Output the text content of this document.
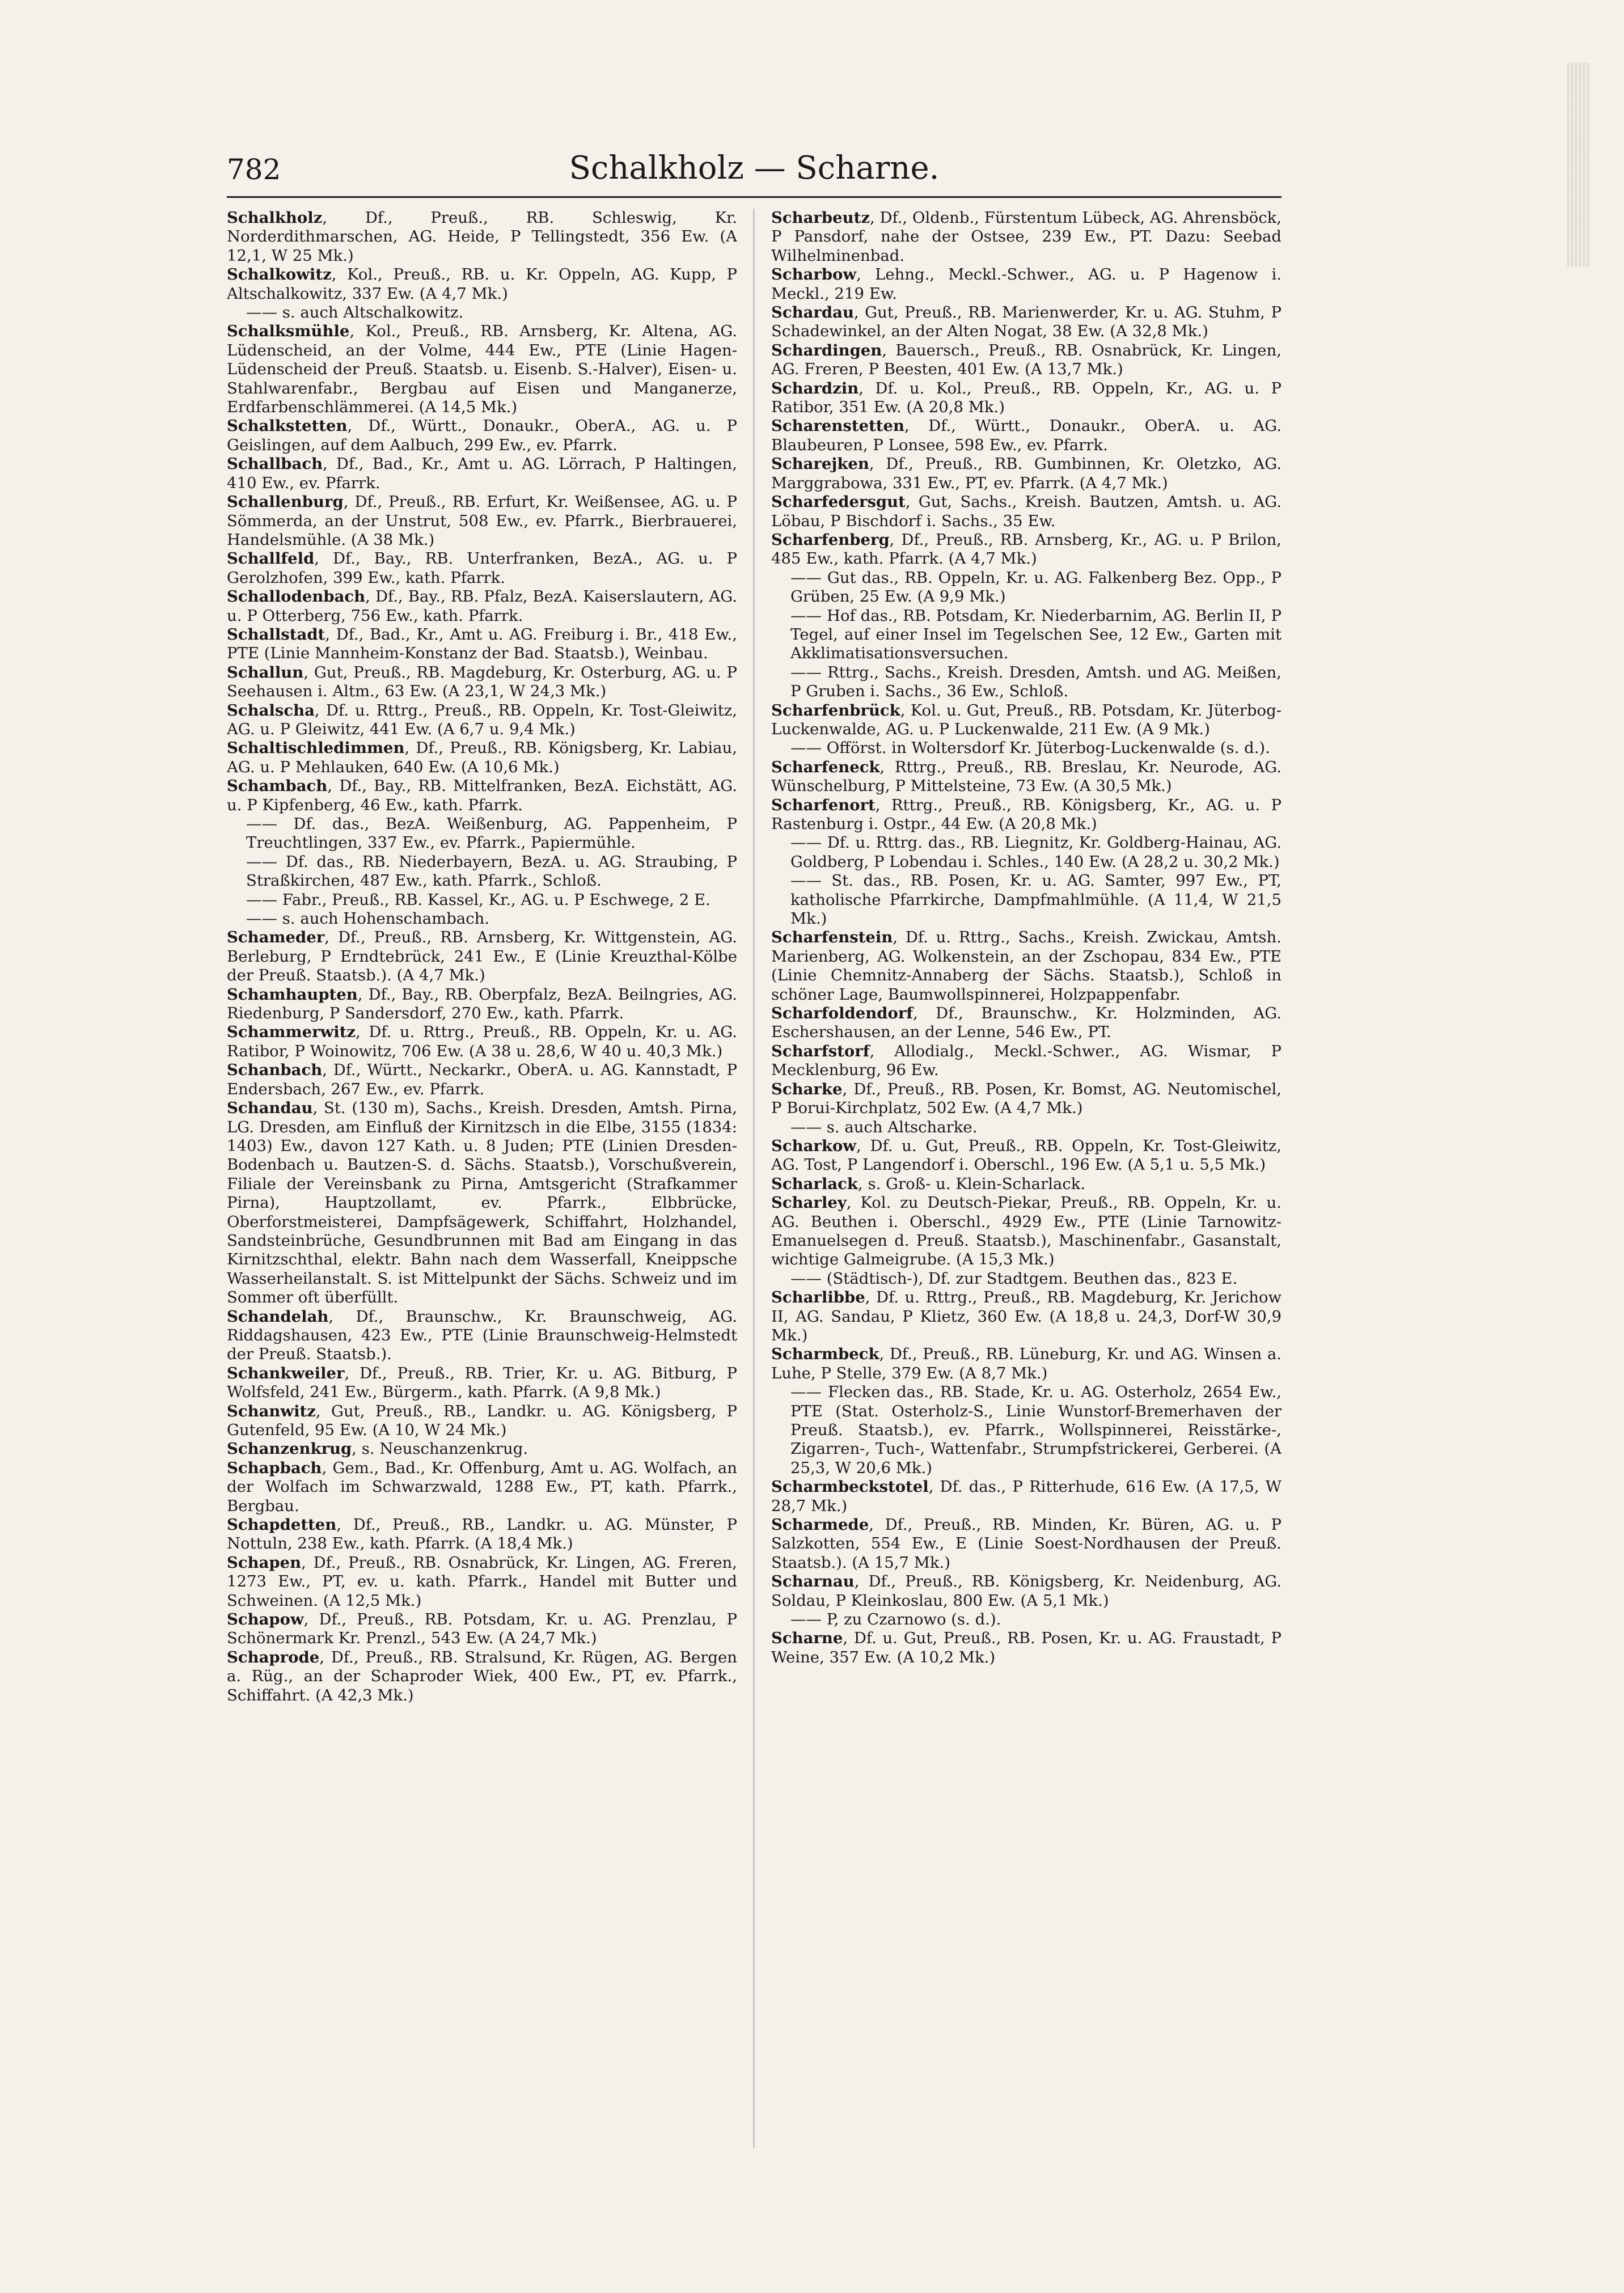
782	Schalkholz — Scharne.

Schalkholz, Df., Preuß., RB. Schleswig, Kr. Norderdithmarschen, AG. Heide, P Tellingstedt, 356 Ew. (A 12,1, W 25 Mk.)

Schalkowitz, Kol., Preuß., RB. u. Kr. Oppeln, AG. Kupp, P Altschalkowitz, 337 Ew. (A 4,7 Mk.)

—— s. auch Altschalkowitz.

Schalksmühle, Kol., Preuß., RB. Arnsberg, Kr. Altena, AG. Lüdenscheid, an der Volme, 444 Ew., PTE (Linie Hagen-Lüdenscheid der Preuß. Staatsb. u. Eisenb. S.-Halver), Eisen- u. Stahlwarenfabr., Bergbau auf Eisen und Manganerze, Erdfarbenschlämmerei. (A 14,5 Mk.)

Schalkstetten, Df., Württ., Donaukr., OberA., AG. u. P Geislingen, auf dem Aalbuch, 299 Ew., ev. Pfarrk.

Schallbach, Df., Bad., Kr., Amt u. AG. Lörrach, P Haltingen, 410 Ew., ev. Pfarrk.

Schallenburg, Df., Preuß., RB. Erfurt, Kr. Weißensee, AG. u. P Sömmerda, an der Unstrut, 508 Ew., ev. Pfarrk., Bierbrauerei, Handelsmühle. (A 38 Mk.)

Schallfeld, Df., Bay., RB. Unterfranken, BezA., AG. u. P Gerolzhofen, 399 Ew., kath. Pfarrk.

Schallodenbach, Df., Bay., RB. Pfalz, BezA. Kaiserslautern, AG. u. P Otterberg, 756 Ew., kath. Pfarrk.

Schallstadt, Df., Bad., Kr., Amt u. AG. Freiburg i. Br., 418 Ew., PTE (Linie Mannheim-Konstanz der Bad. Staatsb.), Weinbau.

Schallun, Gut, Preuß., RB. Magdeburg, Kr. Osterburg, AG. u. P Seehausen i. Altm., 63 Ew. (A 23,1, W 24,3 Mk.)

Schalscha, Df. u. Rttrg., Preuß., RB. Oppeln, Kr. Tost-Gleiwitz, AG. u. P Gleiwitz, 441 Ew. (A 6,7 u. 9,4 Mk.)

Schaltischledimmen, Df., Preuß., RB. Königsberg, Kr. Labiau, AG. u. P Mehlauken, 640 Ew. (A 10,6 Mk.)

Schambach, Df., Bay., RB. Mittelfranken, BezA. Eichstätt, AG. u. P Kipfenberg, 46 Ew., kath. Pfarrk.

—— Df. das., BezA. Weißenburg, AG. Pappenheim, P Treuchtlingen, 337 Ew., ev. Pfarrk., Papiermühle.

—— Df. das., RB. Niederbayern, BezA. u. AG. Straubing, P Straßkirchen, 487 Ew., kath. Pfarrk., Schloß.

—— Fabr., Preuß., RB. Kassel, Kr., AG. u. P Eschwege, 2 E.

—— s. auch Hohenschambach.

Schameder, Df., Preuß., RB. Arnsberg, Kr. Wittgenstein, AG. Berleburg, P Erndtebrück, 241 Ew., E (Linie Kreuzthal-Kölbe der Preuß. Staatsb.). (A 4,7 Mk.)

Schamhaupten, Df., Bay., RB. Oberpfalz, BezA. Beilngries, AG. Riedenburg, P Sandersdorf, 270 Ew., kath. Pfarrk.

Schammerwitz, Df. u. Rttrg., Preuß., RB. Oppeln, Kr. u. AG. Ratibor, P Woinowitz, 706 Ew. (A 38 u. 28,6, W 40 u. 40,3 Mk.)

Schanbach, Df., Württ., Neckarkr., OberA. u. AG. Kannstadt, P Endersbach, 267 Ew., ev. Pfarrk.

Schandau, St. (130 m), Sachs., Kreish. Dresden, Amtsh. Pirna, LG. Dresden, am Einfluß der Kirnitzsch in die Elbe, 3155 (1834: 1403) Ew., davon 127 Kath. u. 8 Juden; PTE (Linien Dresden-Bodenbach u. Bautzen-S. d. Sächs. Staatsb.), Vorschußverein, Filiale der Vereinsbank zu Pirna, Amtsgericht (Strafkammer Pirna), Hauptzollamt, ev. Pfarrk., Elbbrücke, Oberforstmeisterei, Dampfsägewerk, Schiffahrt, Holzhandel, Sandsteinbrüche, Gesundbrunnen mit Bad am Eingang in das Kirnitzschthal, elektr. Bahn nach dem Wasserfall, Kneippsche Wasserheilanstalt. S. ist Mittelpunkt der Sächs. Schweiz und im Sommer oft überfüllt.

Schandelah, Df., Braunschw., Kr. Braunschweig, AG. Riddagshausen, 423 Ew., PTE (Linie Braunschweig-Helmstedt der Preuß. Staatsb.).

Schankweiler, Df., Preuß., RB. Trier, Kr. u. AG. Bitburg, P Wolfsfeld, 241 Ew., Bürgerm., kath. Pfarrk. (A 9,8 Mk.)

Schanwitz, Gut, Preuß., RB., Landkr. u. AG. Königsberg, P Gutenfeld, 95 Ew. (A 10, W 24 Mk.)

Schanzenkrug, s. Neuschanzenkrug.

Schapbach, Gem., Bad., Kr. Offenburg, Amt u. AG. Wolfach, an der Wolfach im Schwarzwald, 1288 Ew., PT, kath. Pfarrk., Bergbau.

Schapdetten, Df., Preuß., RB., Landkr. u. AG. Münster, P Nottuln, 238 Ew., kath. Pfarrk. (A 18,4 Mk.)

Schapen, Df., Preuß., RB. Osnabrück, Kr. Lingen, AG. Freren, 1273 Ew., PT, ev. u. kath. Pfarrk., Handel mit Butter und Schweinen. (A 12,5 Mk.)

Schapow, Df., Preuß., RB. Potsdam, Kr. u. AG. Prenzlau, P Schönermark Kr. Prenzl., 543 Ew. (A 24,7 Mk.)

Schaprode, Df., Preuß., RB. Stralsund, Kr. Rügen, AG. Bergen a. Rüg., an der Schaproder Wiek, 400 Ew., PT, ev. Pfarrk., Schiffahrt. (A 42,3 Mk.)

Scharbeutz, Df., Oldenb., Fürstentum Lübeck, AG. Ahrensböck, P Pansdorf, nahe der Ostsee, 239 Ew., PT. Dazu: Seebad Wilhelminenbad.

Scharbow, Lehng., Meckl.-Schwer., AG. u. P Hagenow i. Meckl., 219 Ew.

Schardau, Gut, Preuß., RB. Marienwerder, Kr. u. AG. Stuhm, P Schadewinkel, an der Alten Nogat, 38 Ew. (A 32,8 Mk.)

Schardingen, Bauersch., Preuß., RB. Osnabrück, Kr. Lingen, AG. Freren, P Beesten, 401 Ew. (A 13,7 Mk.)

Schardzin, Df. u. Kol., Preuß., RB. Oppeln, Kr., AG. u. P Ratibor, 351 Ew. (A 20,8 Mk.)

Scharenstetten, Df., Württ., Donaukr., OberA. u. AG. Blaubeuren, P Lonsee, 598 Ew., ev. Pfarrk.

Scharejken, Df., Preuß., RB. Gumbinnen, Kr. Oletzko, AG. Marggrabowa, 331 Ew., PT, ev. Pfarrk. (A 4,7 Mk.)

Scharfedersgut, Gut, Sachs., Kreish. Bautzen, Amtsh. u. AG. Löbau, P Bischdorf i. Sachs., 35 Ew.

Scharfenberg, Df., Preuß., RB. Arnsberg, Kr., AG. u. P Brilon, 485 Ew., kath. Pfarrk. (A 4,7 Mk.)

—— Gut das., RB. Oppeln, Kr. u. AG. Falkenberg Bez. Opp., P Grüben, 25 Ew. (A 9,9 Mk.)

—— Hof das., RB. Potsdam, Kr. Niederbarnim, AG. Berlin II, P Tegel, auf einer Insel im Tegelschen See, 12 Ew., Garten mit Akklimatisationsversuchen.

—— Rttrg., Sachs., Kreish. Dresden, Amtsh. und AG. Meißen, P Gruben i. Sachs., 36 Ew., Schloß.

Scharfenbrück, Kol. u. Gut, Preuß., RB. Potsdam, Kr. Jüterbog-Luckenwalde, AG. u. P Luckenwalde, 211 Ew. (A 9 Mk.)

—— Offörst. in Woltersdorf Kr. Jüterbog-Luckenwalde (s. d.).

Scharfeneck, Rttrg., Preuß., RB. Breslau, Kr. Neurode, AG. Wünschelburg, P Mittelsteine, 73 Ew. (A 30,5 Mk.)

Scharfenort, Rttrg., Preuß., RB. Königsberg, Kr., AG. u. P Rastenburg i. Ostpr., 44 Ew. (A 20,8 Mk.)

—— Df. u. Rttrg. das., RB. Liegnitz, Kr. Goldberg-Hainau, AG. Goldberg, P Lobendau i. Schles., 140 Ew. (A 28,2 u. 30,2 Mk.)

—— St. das., RB. Posen, Kr. u. AG. Samter, 997 Ew., PT, katholische Pfarrkirche, Dampfmahlmühle. (A 11,4, W 21,5 Mk.)

Scharfenstein, Df. u. Rttrg., Sachs., Kreish. Zwickau, Amtsh. Marienberg, AG. Wolkenstein, an der Zschopau, 834 Ew., PTE (Linie Chemnitz-Annaberg der Sächs. Staatsb.), Schloß in schöner Lage, Baumwollspinnerei, Holzpappenfabr.

Scharfoldendorf, Df., Braunschw., Kr. Holzminden, AG. Eschershausen, an der Lenne, 546 Ew., PT.

Scharfstorf, Allodialg., Meckl.-Schwer., AG. Wismar, P Mecklenburg, 96 Ew.

Scharke, Df., Preuß., RB. Posen, Kr. Bomst, AG. Neutomischel, P Borui-Kirchplatz, 502 Ew. (A 4,7 Mk.)

—— s. auch Altscharke.

Scharkow, Df. u. Gut, Preuß., RB. Oppeln, Kr. Tost-Gleiwitz, AG. Tost, P Langendorf i. Oberschl., 196 Ew. (A 5,1 u. 5,5 Mk.)

Scharlack, s. Groß- u. Klein-Scharlack.

Scharley, Kol. zu Deutsch-Piekar, Preuß., RB. Oppeln, Kr. u. AG. Beuthen i. Oberschl., 4929 Ew., PTE (Linie Tarnowitz-Emanuelsegen d. Preuß. Staatsb.), Maschinenfabr., Gasanstalt, wichtige Galmeigrube. (A 15,3 Mk.)

—— (Städtisch-), Df. zur Stadtgem. Beuthen das., 823 E.

Scharlibbe, Df. u. Rttrg., Preuß., RB. Magdeburg, Kr. Jerichow II, AG. Sandau, P Klietz, 360 Ew. (A 18,8 u. 24,3, Dorf-W 30,9 Mk.)

Scharmbeck, Df., Preuß., RB. Lüneburg, Kr. und AG. Winsen a. Luhe, P Stelle, 379 Ew. (A 8,7 Mk.)

—— Flecken das., RB. Stade, Kr. u. AG. Osterholz, 2654 Ew., PTE (Stat. Osterholz-S., Linie Wunstorf-Bremerhaven der Preuß. Staatsb.), ev. Pfarrk., Wollspinnerei, Reisstärke-, Zigarren-, Tuch-, Wattenfabr., Strumpfstrickerei, Gerberei. (A 25,3, W 20,6 Mk.)

Scharmbeckstotel, Df. das., P Ritterhude, 616 Ew. (A 17,5, W 28,7 Mk.)

Scharmede, Df., Preuß., RB. Minden, Kr. Büren, AG. u. P Salzkotten, 554 Ew., E (Linie Soest-Nordhausen der Preuß. Staatsb.). (A 15,7 Mk.)

Scharnau, Df., Preuß., RB. Königsberg, Kr. Neidenburg, AG. Soldau, P Kleinkoslau, 800 Ew. (A 5,1 Mk.)

—— P, zu Czarnowo (s. d.).

Scharne, Df. u. Gut, Preuß., RB. Posen, Kr. u. AG. Fraustadt, P Weine, 357 Ew. (A 10,2 Mk.)
